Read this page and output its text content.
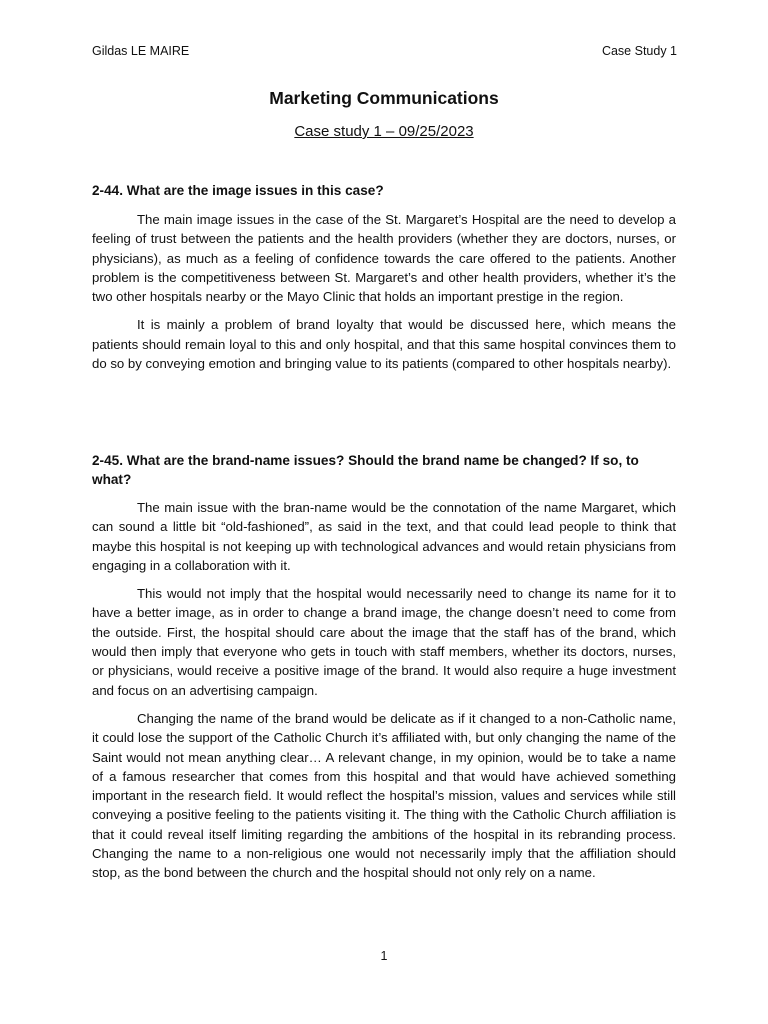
Gildas LE MAIRE	Case Study 1
Marketing Communications
Case study 1 – 09/25/2023

2-44. What are the image issues in this case?

The main image issues in the case of the St. Margaret’s Hospital are the need to develop a feeling of trust between the patients and the health providers (whether they are doctors, nurses, or physicians), as much as a feeling of confidence towards the care offered to the patients. Another problem is the competitiveness between St. Margaret’s and other health providers, whether it’s the two other hospitals nearby or the Mayo Clinic that holds an important prestige in the region.

It is mainly a problem of brand loyalty that would be discussed here, which means the patients should remain loyal to this and only hospital, and that this same hospital convinces them to do so by conveying emotion and bringing value to its patients (compared to other hospitals nearby).

2-45. What are the brand-name issues? Should the brand name be changed? If so, to what?

The main issue with the bran-name would be the connotation of the name Margaret, which can sound a little bit “old-fashioned”, as said in the text, and that could lead people to think that maybe this hospital is not keeping up with technological advances and would retain physicians from engaging in a collaboration with it.

This would not imply that the hospital would necessarily need to change its name for it to have a better image, as in order to change a brand image, the change doesn’t need to come from the outside. First, the hospital should care about the image that the staff has of the brand, which would then imply that everyone who gets in touch with staff members, whether its doctors, nurses, or physicians, would receive a positive image of the brand. It would also require a huge investment and focus on an advertising campaign.

Changing the name of the brand would be delicate as if it changed to a non-Catholic name, it could lose the support of the Catholic Church it’s affiliated with, but only changing the name of the Saint would not mean anything clear… A relevant change, in my opinion, would be to take a name of a famous researcher that comes from this hospital and that would have achieved something important in the research field. It would reflect the hospital’s mission, values and services while still conveying a positive feeling to the patients visiting it. The thing with the Catholic Church affiliation is that it could reveal itself limiting regarding the ambitions of the hospital in its rebranding process. Changing the name to a non-religious one would not necessarily imply that the affiliation should stop, as the bond between the church and the hospital should not only rely on a name.

1
